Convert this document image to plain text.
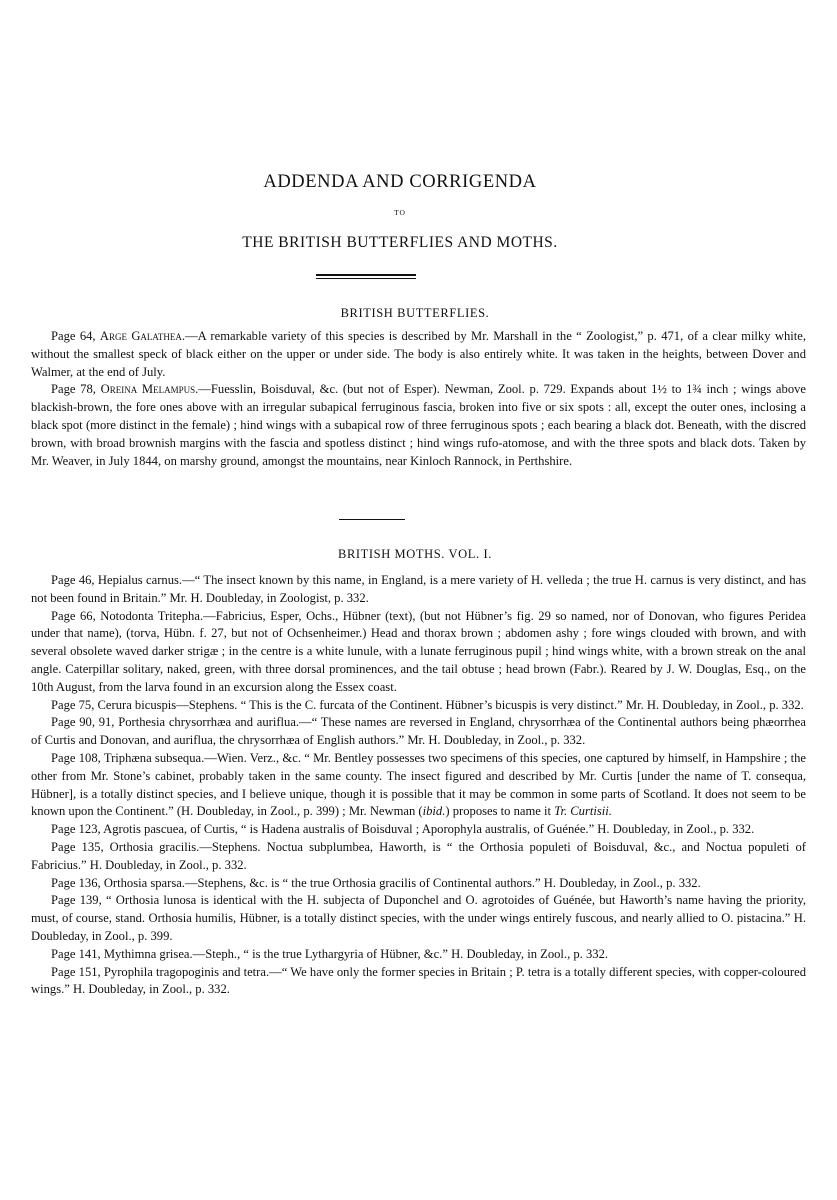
ADDENDA AND CORRIGENDA
TO
THE BRITISH BUTTERFLIES AND MOTHS.
BRITISH BUTTERFLIES.

Page 64, Arge Galathea.—A remarkable variety of this species is described by Mr. Marshall in the “ Zoologist,” p. 471, of a clear milky white, without the smallest speck of black either on the upper or under side. The body is also entirely white. It was taken in the heights, between Dover and Walmer, at the end of July.

Page 78, Oreina Melampus.—Fuesslin, Boisduval, &c. (but not of Esper). Newman, Zool. p. 729. Expands about 1½ to 1¾ inch ; wings above blackish-brown, the fore ones above with an irregular subapical ferruginous fascia, broken into five or six spots : all, except the outer ones, inclosing a black spot (more distinct in the female) ; hind wings with a subapical row of three ferruginous spots ; each bearing a black dot. Beneath, with the discred brown, with broad brownish margins with the fascia and spotless distinct ; hind wings rufo-atomose, and with the three spots and black dots. Taken by Mr. Weaver, in July 1844, on marshy ground, amongst the mountains, near Kinloch Rannock, in Perthshire.

BRITISH MOTHS. VOL. I.

Page 46, Hepialus carnus.—“ The insect known by this name, in England, is a mere variety of H. velleda ; the true H. carnus is very distinct, and has not been found in Britain.” Mr. H. Doubleday, in Zoologist, p. 332.

Page 66, Notodonta Tritepha.—Fabricius, Esper, Ochs., Hübner (text), (but not Hübner’s fig. 29 so named, nor of Donovan, who figures Peridea under that name), (torva, Hübn. f. 27, but not of Ochsenheimer.) Head and thorax brown ; abdomen ashy ; fore wings clouded with brown, and with several obsolete waved darker strigæ ; in the centre is a white lunule, with a lunate ferruginous pupil ; hind wings white, with a brown streak on the anal angle. Caterpillar solitary, naked, green, with three dorsal prominences, and the tail obtuse ; head brown (Fabr.). Reared by J. W. Douglas, Esq., on the 10th August, from the larva found in an excursion along the Essex coast.

Page 75, Cerura bicuspis—Stephens. “ This is the C. furcata of the Continent. Hübner’s bicuspis is very distinct.” Mr. H. Doubleday, in Zool., p. 332.

Page 90, 91, Porthesia chrysorrhæa and auriflua.—“ These names are reversed in England, chrysorrhæa of the Continental authors being phæorrhea of Curtis and Donovan, and auriflua, the chrysorrhæa of English authors.” Mr. H. Doubleday, in Zool., p. 332.

Page 108, Triphæna subsequa.—Wien. Verz., &c. “ Mr. Bentley possesses two specimens of this species, one captured by himself, in Hampshire ; the other from Mr. Stone’s cabinet, probably taken in the same county. The insect figured and described by Mr. Curtis [under the name of T. consequa, Hübner], is a totally distinct species, and I believe unique, though it is possible that it may be common in some parts of Scotland. It does not seem to be known upon the Continent.” (H. Doubleday, in Zool., p. 399) ; Mr. Newman (ibid.) proposes to name it Tr. Curtisii.

Page 123, Agrotis pascuea, of Curtis, “ is Hadena australis of Boisduval ; Aporophyla australis, of Guénée.” H. Doubleday, in Zool., p. 332.

Page 135, Orthosia gracilis.—Stephens. Noctua subplumbea, Haworth, is “ the Orthosia populeti of Boisduval, &c., and Noctua populeti of Fabricius.” H. Doubleday, in Zool., p. 332.

Page 136, Orthosia sparsa.—Stephens, &c. is “ the true Orthosia gracilis of Continental authors.” H. Doubleday, in Zool., p. 332.

Page 139, “ Orthosia lunosa is identical with the H. subjecta of Duponchel and O. agrotoides of Guénée, but Haworth’s name having the priority, must, of course, stand. Orthosia humilis, Hübner, is a totally distinct species, with the under wings entirely fuscous, and nearly allied to O. pistacina.” H. Doubleday, in Zool., p. 399.

Page 141, Mythimna grisea.—Steph., “ is the true Lythargyria of Hübner, &c.” H. Doubleday, in Zool., p. 332.

Page 151, Pyrophila tragopoginis and tetra.—“ We have only the former species in Britain ; P. tetra is a totally different species, with copper-coloured wings.” H. Doubleday, in Zool., p. 332.
